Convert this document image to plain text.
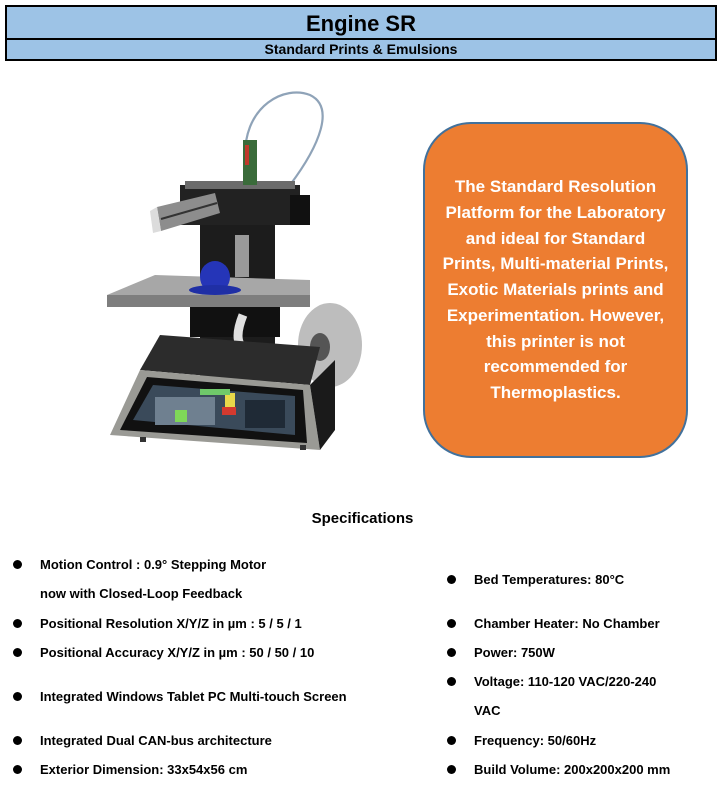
Engine SR
Standard Prints & Emulsions

The Standard Resolution Platform for the Laboratory and ideal for Standard Prints, Multi-material Prints, Exotic Materials prints and Experimentation. However, this printer is not recommended for Thermoplastics.

Specifications
Motion Control : 0.9° Stepping Motor
now with Closed-Loop Feedback
Positional Resolution X/Y/Z in µm : 5 / 5 / 1
Positional Accuracy X/Y/Z in µm : 50 / 50 / 10
Integrated Windows Tablet PC Multi-touch Screen
Integrated Dual CAN-bus architecture
Exterior Dimension: 33x54x56 cm
Bed Temperatures: 80°C
Chamber Heater: No Chamber
Power: 750W
Voltage: 110-120 VAC/220-240
VAC
Frequency: 50/60Hz
Build Volume: 200x200x200 mm
